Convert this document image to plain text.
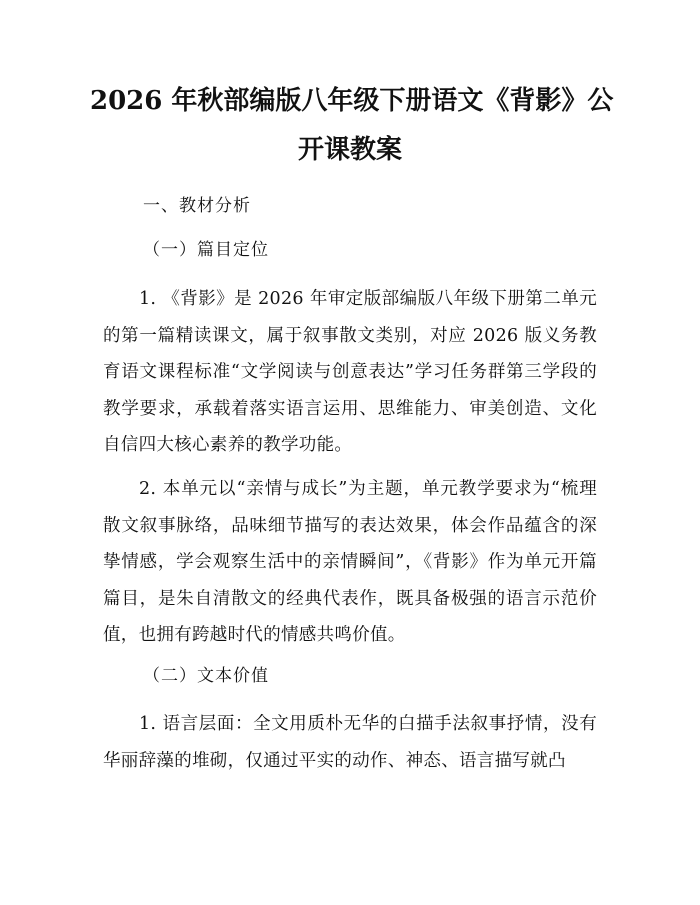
2026 年秋部编版八年级下册语文《背影》公
开课教案
一、教材分析
（一）篇目定位
1. 《背影》是 2026 年审定版部编版八年级下册第二单元的第一篇精读课文，属于叙事散文类别，对应 2026 版义务教育语文课程标准“文学阅读与创意表达”学习任务群第三学段的教学要求，承载着落实语言运用、思维能力、审美创造、文化自信四大核心素养的教学功能。
2. 本单元以“亲情与成长”为主题，单元教学要求为“梳理散文叙事脉络，品味细节描写的表达效果，体会作品蕴含的深挚情感，学会观察生活中的亲情瞬间”，《背影》作为单元开篇篇目，是朱自清散文的经典代表作，既具备极强的语言示范价值，也拥有跨越时代的情感共鸣价值。
（二）文本价值
1. 语言层面：全文用质朴无华的白描手法叙事抒情，没有华丽辞藻的堆砌，仅通过平实的动作、神态、语言描写就凸
